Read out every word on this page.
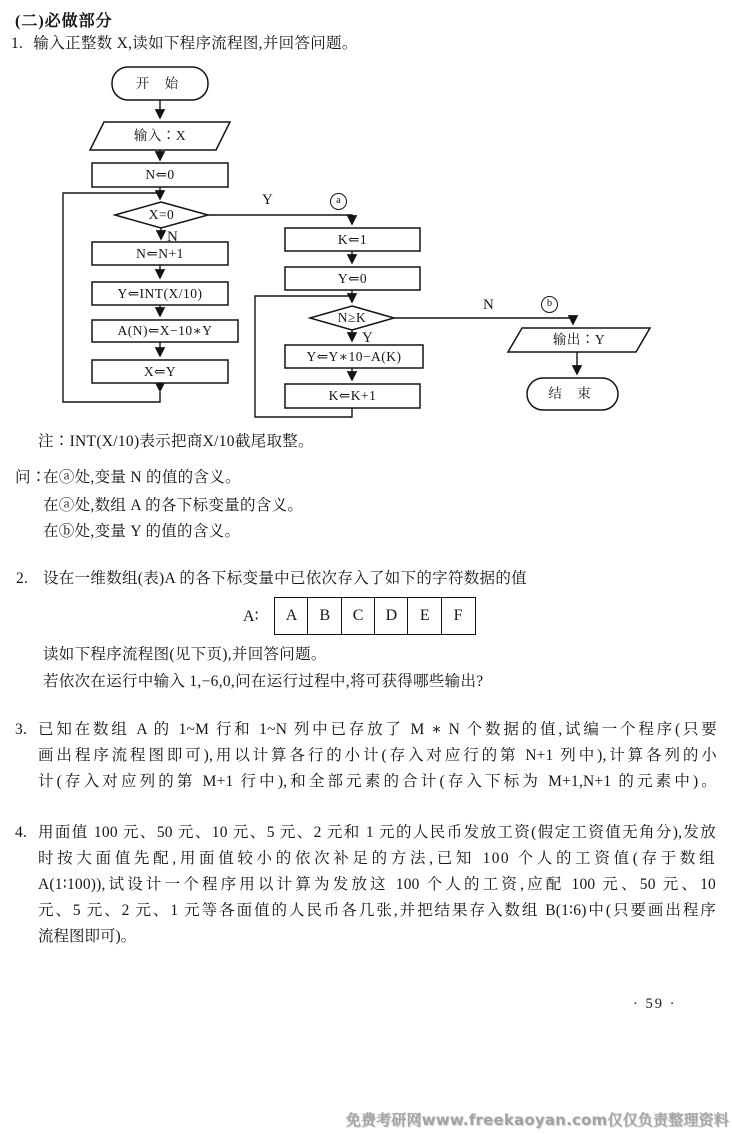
(二)必做部分
1. 输入正整数 X,读如下程序流程图,并回答问题。
开 始
输入∶X
N⇐0
X=0
N⇐N+1
Y⇐INT(X/10)
A(N)⇐X−10∗Y
X⇐Y
K⇐1
Y⇐0
N≥K
Y⇐Y∗10−A(K)
K⇐K+1
输出∶Y
结 束
Y	a
N
N	b
Y
注∶INT(X/10)表示把商X/10截尾取整。
问∶
在ⓐ处,变量 N 的值的含义。
在ⓐ处,数组 A 的各下标变量的含义。
在ⓑ处,变量 Y 的值的含义。
2. 设在一维数组(表)A 的各下标变量中已依次存入了如下的字符数据的值
A∶	A	B	C	D	E	F
读如下程序流程图(见下页),并回答问题。
若依次在运行中输入 1,−6,0,问在运行过程中,将可获得哪些输出?
3. 已知在数组 A 的 1~M 行和 1~N 列中已存放了 M ∗ N 个数据的值,试编一个程序(只要
画出程序流程图即可),用以计算各行的小计(存入对应行的第 N+1 列中),计算各列的小
计(存入对应列的第 M+1 行中),和全部元素的合计(存入下标为 M+1,N+1 的元素中)。
4. 用面值 100 元、50 元、10 元、5 元、2 元和 1 元的人民币发放工资(假定工资值无角分),发放
时按大面值先配,用面值较小的依次补足的方法,已知 100 个人的工资值(存于数组
A(1∶100)),试设计一个程序用以计算为发放这 100 个人的工资,应配 100 元、50 元、10
元、5 元、2 元、1 元等各面值的人民币各几张,并把结果存入数组 B(1∶6)中(只要画出程序
流程图即可)。
· 59 ·
免费考研网www.freekaoyan.com仅仅负责整理资料
